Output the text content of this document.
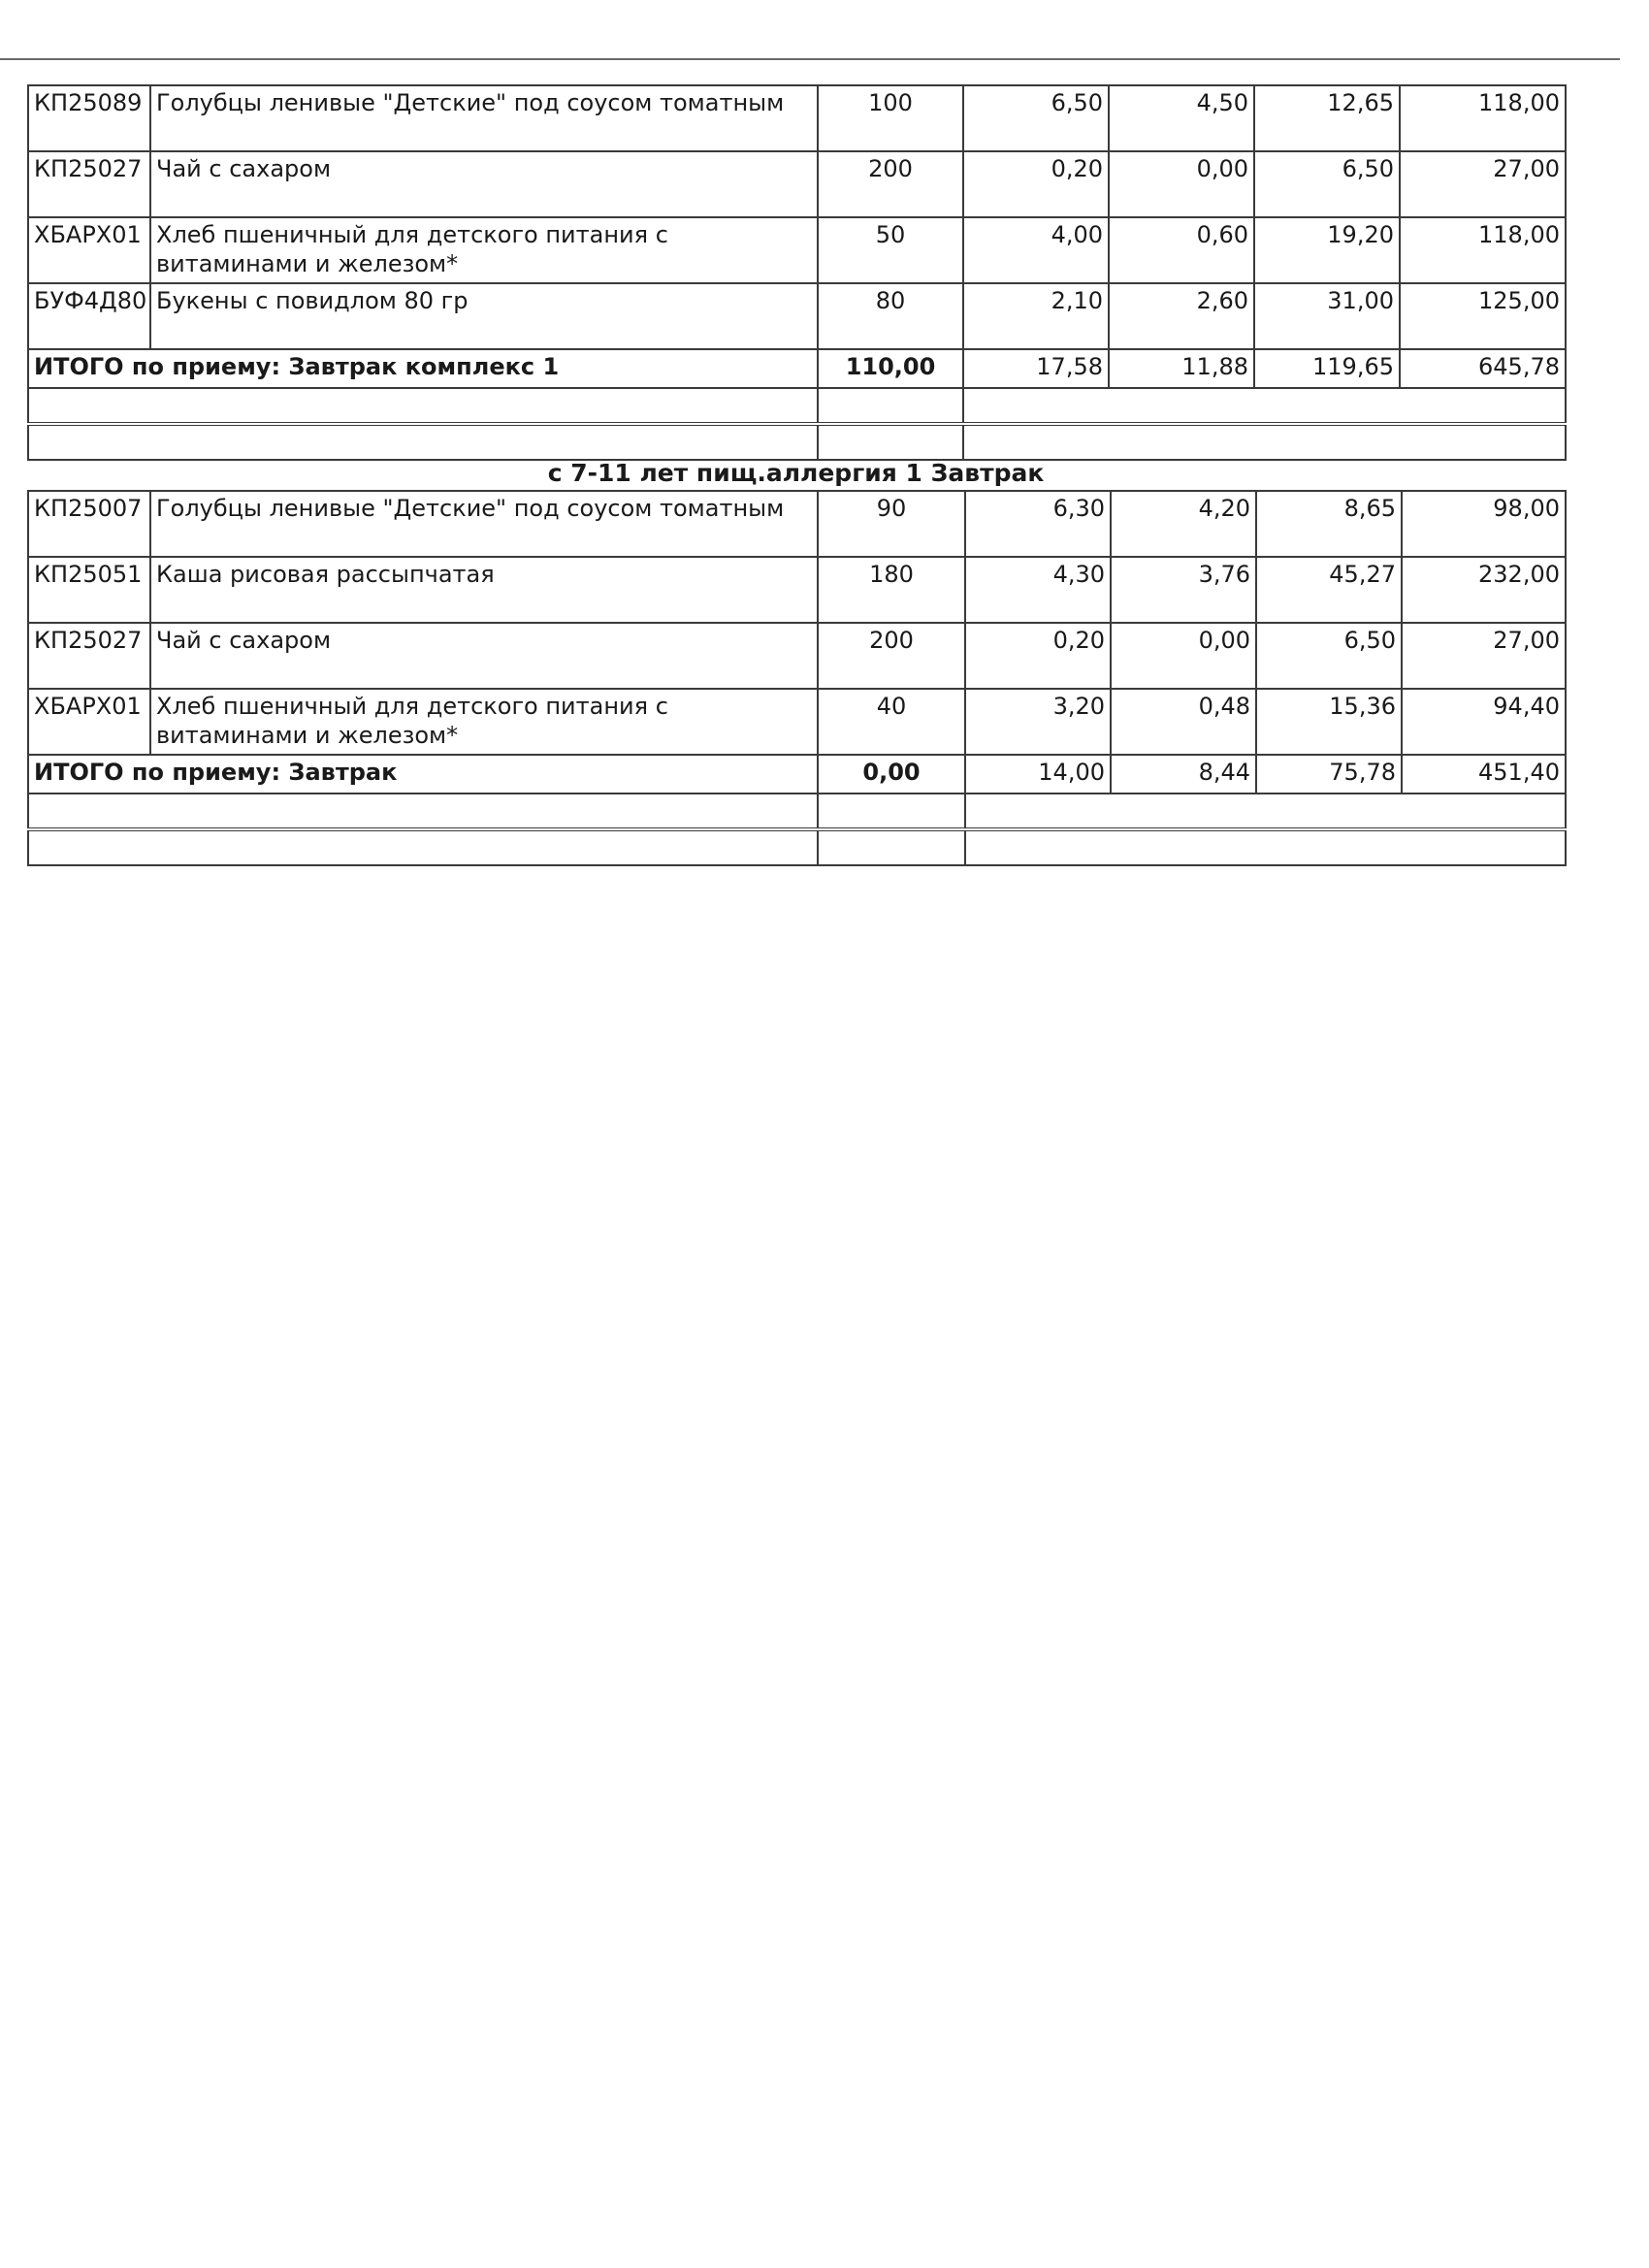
КП25089	Голубцы ленивые "Детские" под соусом томатным	100	6,50	4,50	12,65	118,00
КП25027	Чай с сахаром	200	0,20	0,00	6,50	27,00
ХБАРХ01	Хлеб пшеничный для детского питания с витаминами и железом*	50	4,00	0,60	19,20	118,00
БУФ4Д80	Букены с повидлом 80 гр	80	2,10	2,60	31,00	125,00
ИТОГО по приему: Завтрак комплекс 1		110,00	17,58	11,88	119,65	645,78

с 7-11 лет пищ.аллергия 1 Завтрак
КП25007	Голубцы ленивые "Детские" под соусом томатным	90	6,30	4,20	8,65	98,00
КП25051	Каша рисовая рассыпчатая	180	4,30	3,76	45,27	232,00
КП25027	Чай с сахаром	200	0,20	0,00	6,50	27,00
ХБАРХ01	Хлеб пшеничный для детского питания с витаминами и железом*	40	3,20	0,48	15,36	94,40
ИТОГО по приему: Завтрак		0,00	14,00	8,44	75,78	451,40
